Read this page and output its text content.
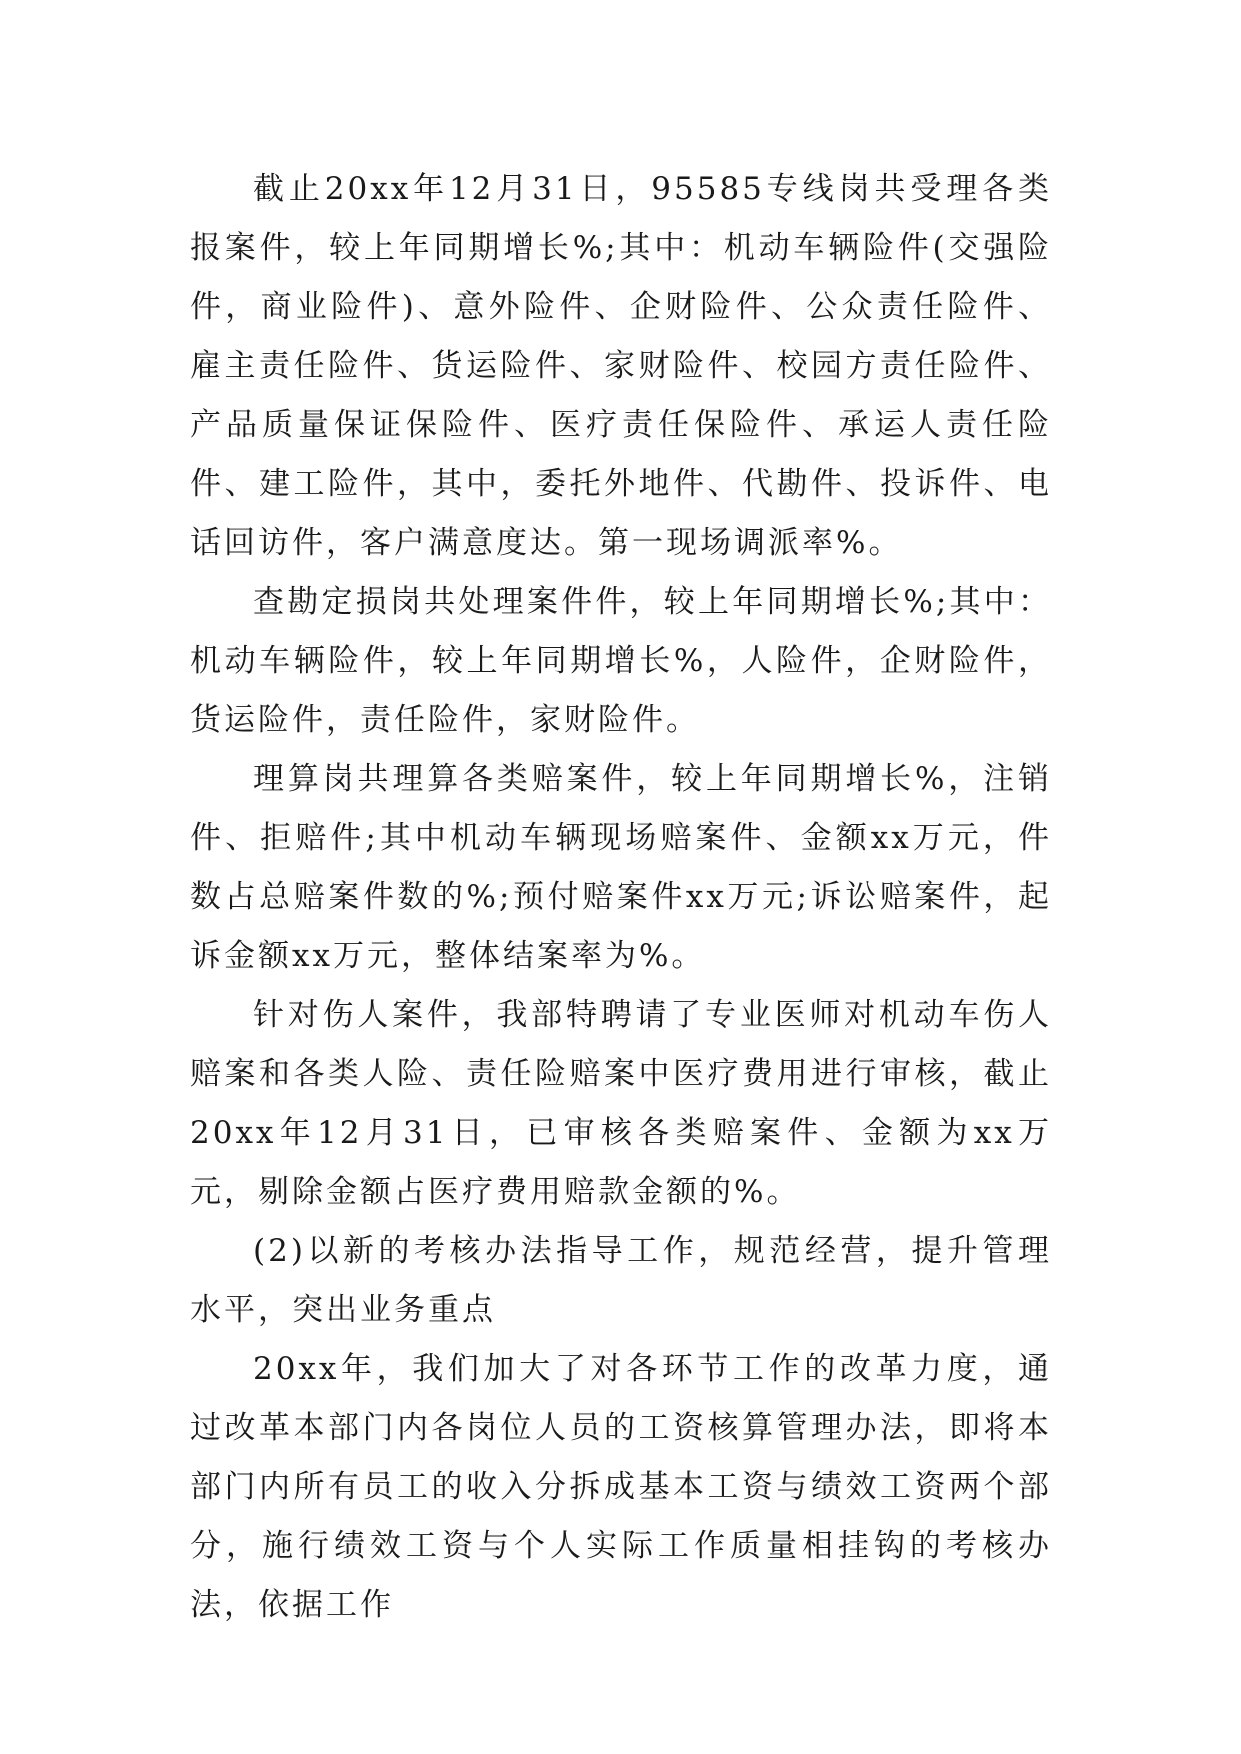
截止20xx年12月31日，95585专线岗共受理各类报案件，较上年同期增长%;其中：机动车辆险件(交强险件，商业险件)、意外险件、企财险件、公众责任险件、雇主责任险件、货运险件、家财险件、校园方责任险件、产品质量保证保险件、医疗责任保险件、承运人责任险件、建工险件，其中，委托外地件、代勘件、投诉件、电话回访件，客户满意度达。第一现场调派率%。

查勘定损岗共处理案件件，较上年同期增长%;其中：机动车辆险件，较上年同期增长%，人险件，企财险件，货运险件，责任险件，家财险件。

理算岗共理算各类赔案件，较上年同期增长%，注销件、拒赔件;其中机动车辆现场赔案件、金额xx万元，件数占总赔案件数的%;预付赔案件xx万元;诉讼赔案件，起诉金额xx万元，整体结案率为%。

针对伤人案件，我部特聘请了专业医师对机动车伤人赔案和各类人险、责任险赔案中医疗费用进行审核，截止20xx年12月31日，已审核各类赔案件、金额为xx万元，剔除金额占医疗费用赔款金额的%。

(2)以新的考核办法指导工作，规范经营，提升管理水平，突出业务重点

20xx年，我们加大了对各环节工作的改革力度，通过改革本部门内各岗位人员的工资核算管理办法，即将本部门内所有员工的收入分拆成基本工资与绩效工资两个部分，施行绩效工资与个人实际工作质量相挂钩的考核办法，依据工作
